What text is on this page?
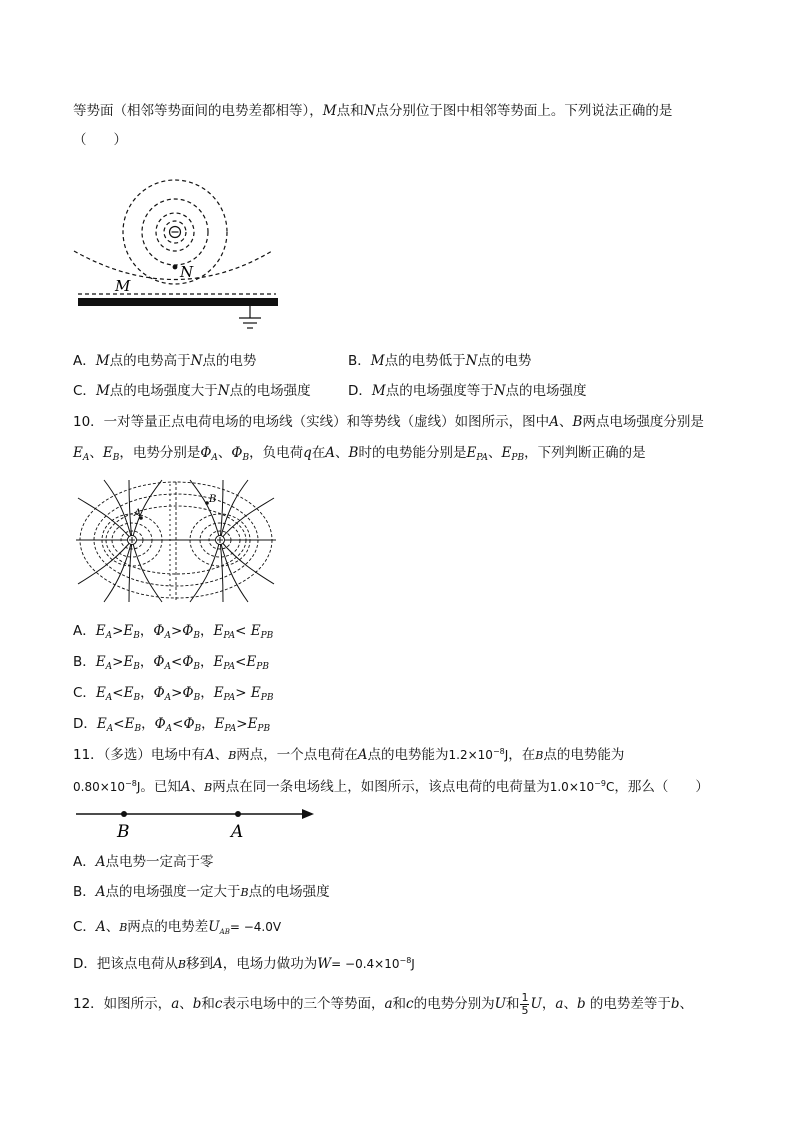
等势面（相邻等势面间的电势差都相等），M点和N点分别位于图中相邻等势面上。下列说法正确的是
（　　）
N
M
A．M点的电势高于N点的电势	B．M点的电势低于N点的电势
C．M点的电场强度大于N点的电场强度	D．M点的电场强度等于N点的电场强度
10．一对等量正点电荷电场的电场线（实线）和等势线（虚线）如图所示，图中A、B两点电场强度分别是
$E_A$、$E_B$，电势分别是$\Phi_A$、$\Phi_B$，负电荷q在A、B时的电势能分别是$E_{PA}$、$E_{PB}$，下列判断正确的是
A
B
A．$E_A>E_B$，$\Phi_A>\Phi_B$，$E_{PA}< E_{PB}$
B．$E_A>E_B$，$\Phi_A<\Phi_B$，$E_{PA}<E_{PB}$
C．$E_A<E_B$，$\Phi_A>\Phi_B$，$E_{PA}> E_{PB}$
D．$E_A<E_B$，$\Phi_A<\Phi_B$，$E_{PA}>E_{PB}$
11．（多选）电场中有A、B两点，一个点电荷在A点的电势能为$1.2\times 10^{-8}J$，在B点的电势能为
$0.80\times 10^{-8}J$。已知A、B两点在同一条电场线上，如图所示，该点电荷的电荷量为$1.0\times 10^{-9}C$，那么（　　）
B	A
A．A点电势一定高于零
B．A点的电场强度一定大于B点的电场强度
C．A、B两点的电势差$U_{AB}= -4.0V$
D．把该点电荷从B移到A，电场力做功为$W= -0.4\times 10^{-8}J$
12．如图所示，a、b和c表示电场中的三个等势面，a和c的电势分别为U和 $\frac{1}{5}$ U，a、b 的电势差等于b、
